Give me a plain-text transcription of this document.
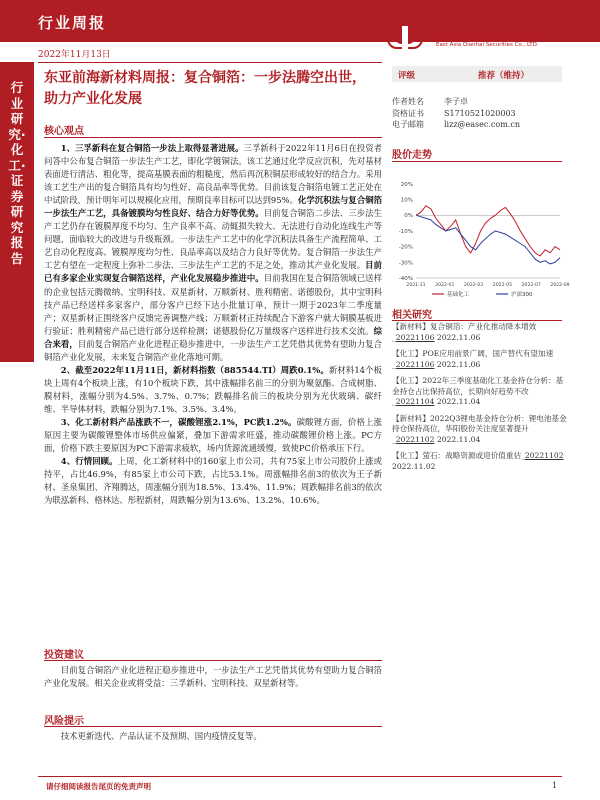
行业周报
东亚前海证券有限责任公司
East Asia Qianhai Securities Co., LTD.
2022年11月13日
行业研究·化工·证券研究报告
东亚前海新材料周报：复合铜箔：一步法腾空出世，助力产业化发展
核心观点

1、三孚新科在复合铜箔一步法上取得显著进展。三孚新科于2022年11月6日在投资者问答中公布复合铜箔一步法生产工艺，即化学镀铜法。该工艺通过化学反应沉积，先对基材表面进行清洁、粗化等，提高基膜表面的粗糙度，然后再沉积铜层形成较好的结合力。采用该工艺生产出的复合铜箔具有均匀性好、高良品率等优势。目前该复合铜箔电镀工艺正处在中试阶段，预计明年可以规模化应用，预期良率目标可以达到95%。化学沉积法与复合铜箔一步法生产工艺，具备镀膜均匀性良好、结合力好等优势。目前复合铜箔二步法、三步法生产工艺仍存在镀膜厚度不均匀、生产良率不高、动辄损失较大、无法进行自动化连线生产等问题，面临较大的改进与升级瓶颈。一步法生产工艺中的化学沉积法具备生产流程简单、工艺自动化程度高、镀膜厚度均匀性、良品率高以及结合力良好等优势。复合铜箔一步法生产工艺有望在一定程度上弥补二步法、三步法生产工艺的不足之处，推动其产业化发展。目前已有多家企业实现复合铜箔送样，产业化发展稳步推进中。目前我国在复合铜箔领域已送样的企业包括元腾微纳、宝明科技、双星新材、万顺新材、胜利精密、诺德股份，其中宝明科技产品已经送样多家客户，部分客户已经下达小批量订单，预计一期于2023年二季度量产；双星新材正围绕客户反馈完善调整产线；万顺新材正持续配合下游客户就大铜膜基板进行验证；胜利精密产品已进行部分送样检测；诺德股份亿万量级客户送样进行技术交流。综合来看，目前复合铜箔产业化进程正稳步推进中，一步法生产工艺凭借其优势有望助力复合铜箔产业化发展，未来复合铜箔产业化落地可期。

2、截至2022年11月11日，新材料指数（885544.TI）周跌0.1%。新材料14个板块上周有4个板块上涨，有10个板块下跌，其中涨幅排名前三的分别为聚氨酯、合成树脂、膜材料，涨幅分别为4.5%、3.7%、0.7%；跌幅排名前三的板块分别为光伏玻璃、碳纤维、半导体材料，跌幅分别为7.1%、3.5%、3.4%。

3、化工新材料产品涨跌不一，碳酸锂涨2.1%，PC跌1.2%。碳酸锂方面，价格上涨原因主要为碳酸锂整体市场供应偏紧，叠加下游需求旺盛，推动碳酸锂价格上涨。PC方面，价格下跌主要原因为PC下游需求疲软，场内货源流通缓慢，致使PC价格承压下行。

4、行情回顾。上周，化工新材料中的160家上市公司，共有75家上市公司股价上涨或持平，占比46.9%，有85家上市公司下跌，占比53.1%。周涨幅排名前3的依次为王子新材、圣泉集团、齐翔腾达，周涨幅分别为18.5%、13.4%、11.9%；周跌幅排名前3的依次为联泓新科、格林达、彤程新材，周跌幅分别为13.6%、13.2%、10.6%。

投资建议

目前复合铜箔产业化进程正稳步推进中，一步法生产工艺凭借其优势有望助力复合铜箔产业化发展。相关企业或将受益：三孚新科、宝明科技、双星新材等。

风险提示

技术更新迭代、产品认证不及预期、国内疫情反复等。

评级	推荐（维持）
作者姓名	李子卓
资格证书	S1710521020003
电子邮箱	lizz@easec.com.cn
股价走势
20%
10%
0%
-10%
-20%
-30%
-40%
2021-11 2022-01 2022-03 2022-05 2022-07 2022-09
基础化工	沪深300
相关研究
【新材料】复合铜箔：产业化推动降本增效_20221106 2022.11.06
【化工】POE应用前景广阔，国产替代有望加速_20221106 2022.11.06
【化工】2022年三季度基础化工基金持仓分析：基金持仓占比保持高位，长期向好趋势不改_20221104 2022.11.04
【新材料】2022Q3锂电基金持仓分析：锂电池基金持仓保持高位，华阳股份关注度显著提升_20221102 2022.11.04
【化工】萤石：战略资源或迎价值重估_20221102 2022.11.02
请仔细阅读报告尾页的免责声明	1
